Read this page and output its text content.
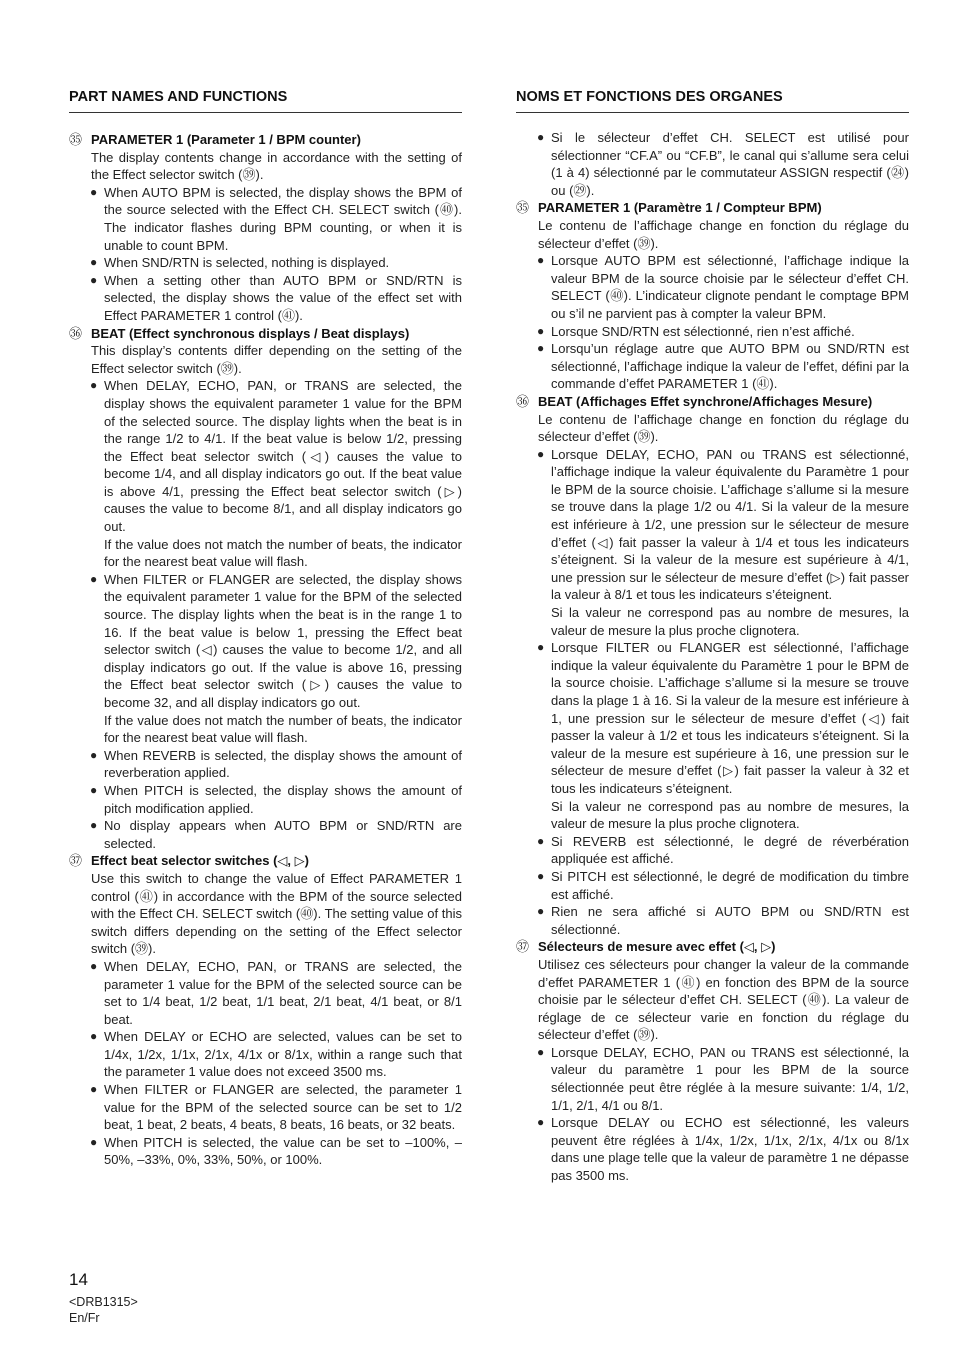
PART NAMES AND FUNCTIONS
㉟ PARAMETER 1 (Parameter 1 / BPM counter)

The display contents change in accordance with the setting of the Effect selector switch (㊴).

● When AUTO BPM is selected, the display shows the BPM of the source selected with the Effect CH. SELECT switch (㊵). The indicator flashes during BPM counting, or when it is unable to count BPM.
● When SND/RTN is selected, nothing is displayed.
● When a setting other than AUTO BPM or SND/RTN is selected, the display shows the value of the effect set with Effect PARAMETER 1 control (㊶).
㊱ BEAT (Effect synchronous displays / Beat displays)

This display’s contents differ depending on the setting of the Effect selector switch (㊴).

● When DELAY, ECHO, PAN, or TRANS are selected, the display shows the equivalent parameter 1 value for the BPM of the selected source. The display lights when the beat is in the range 1/2 to 4/1. If the beat value is below 1/2, pressing the Effect beat selector switch (◁) causes the value to become 1/4, and all display indicators go out. If the beat value is above 4/1, pressing the Effect beat selector switch (▷) causes the value to become 8/1, and all display indicators go out.
If the value does not match the number of beats, the indicator for the nearest beat value will flash.
● When FILTER or FLANGER are selected, the display shows the equivalent parameter 1 value for the BPM of the selected source. The display lights when the beat is in the range 1 to 16. If the beat value is below 1, pressing the Effect beat selector switch (◁) causes the value to become 1/2, and all display indicators go out. If the value is above 16, pressing the Effect beat selector switch (▷) causes the value to become 32, and all display indicators go out.
If the value does not match the number of beats, the indicator for the nearest beat value will flash.
● When REVERB is selected, the display shows the amount of reverberation applied.
● When PITCH is selected, the display shows the amount of pitch modification applied.
● No display appears when AUTO BPM or SND/RTN are selected.
㊲ Effect beat selector switches (◁, ▷)

Use this switch to change the value of Effect PARAMETER 1 control (㊶) in accordance with the BPM of the source selected with the Effect CH. SELECT switch (㊵). The setting value of this switch differs depending on the setting of the Effect selector switch (㊴).

● When DELAY, ECHO, PAN, or TRANS are selected, the parameter 1 value for the BPM of the selected source can be set to 1/4 beat, 1/2 beat, 1/1 beat, 2/1 beat, 4/1 beat, or 8/1 beat.
● When DELAY or ECHO are selected, values can be set to 1/4x, 1/2x, 1/1x, 2/1x, 4/1x or 8/1x, within a range such that the parameter 1 value does not exceed 3500 ms.
● When FILTER or FLANGER are selected, the parameter 1 value for the BPM of the selected source can be set to 1/2 beat, 1 beat, 2 beats, 4 beats, 8 beats, 16 beats, or 32 beats.
● When PITCH is selected, the value can be set to –100%, –50%, –33%, 0%, 33%, 50%, or 100%.
NOMS ET FONCTIONS DES ORGANES
● Si le sélecteur d’effet CH. SELECT est utilisé pour sélectionner “CF.A” ou “CF.B”, le canal qui s’allume sera celui (1 à 4) sélectionné par le commutateur ASSIGN respectif (㉔) ou (㉙).
㉟ PARAMETER 1 (Paramètre 1 / Compteur BPM)

Le contenu de l’affichage change en fonction du réglage du sélecteur d’effet (㊴).

● Lorsque AUTO BPM est sélectionné, l’affichage indique la valeur BPM de la source choisie par le sélecteur d’effet CH. SELECT (㊵). L’indicateur clignote pendant le comptage BPM ou s’il ne parvient pas à compter la valeur BPM.
● Lorsque SND/RTN est sélectionné, rien n’est affiché.
● Lorsqu’un réglage autre que AUTO BPM ou SND/RTN est sélectionné, l’affichage indique la valeur de l’effet, défini par la commande d’effet PARAMETER 1 (㊶).
㊱ BEAT (Affichages Effet synchrone/Affichages Mesure)

Le contenu de l’affichage change en fonction du réglage du sélecteur d’effet (㊴).

● Lorsque DELAY, ECHO, PAN ou TRANS est sélectionné, l’affichage indique la valeur équivalente du Paramètre 1 pour le BPM de la source choisie. L’affichage s’allume si la mesure se trouve dans la plage 1/2 ou 4/1. Si la valeur de la mesure est inférieure à 1/2, une pression sur le sélecteur de mesure d’effet (◁) fait passer la valeur à 1/4 et tous les indicateurs s’éteignent. Si la valeur de la mesure est supérieure à 4/1, une pression sur le sélecteur de mesure d’effet (▷) fait passer la valeur à 8/1 et tous les indicateurs s’éteignent.
Si la valeur ne correspond pas au nombre de mesures, la valeur de mesure la plus proche clignotera.
● Lorsque FILTER ou FLANGER est sélectionné, l’affichage indique la valeur équivalente du Paramètre 1 pour le BPM de la source choisie. L’affichage s’allume si la mesure se trouve dans la plage 1 à 16. Si la valeur de la mesure est inférieure à 1, une pression sur le sélecteur de mesure d’effet (◁) fait passer la valeur à 1/2 et tous les indicateurs s’éteignent. Si la valeur de la mesure est supérieure à 16, une pression sur le sélecteur de mesure d’effet (▷) fait passer la valeur à 32 et tous les indicateurs s’éteignent.
Si la valeur ne correspond pas au nombre de mesures, la valeur de mesure la plus proche clignotera.
● Si REVERB est sélectionné, le degré de réverbération appliquée est affiché.
● Si PITCH est sélectionné, le degré de modification du timbre est affiché.
● Rien ne sera affiché si AUTO BPM ou SND/RTN est sélectionné.
㊲ Sélecteurs de mesure avec effet (◁, ▷)

Utilisez ces sélecteurs pour changer la valeur de la commande d’effet PARAMETER 1 (㊶) en fonction des BPM de la source choisie par le sélecteur d’effet CH. SELECT (㊵). La valeur de réglage de ce sélecteur varie en fonction du réglage du sélecteur d’effet (㊴).

● Lorsque DELAY, ECHO, PAN ou TRANS est sélectionné, la valeur du paramètre 1 pour les BPM de la source sélectionnée peut être réglée à la mesure suivante: 1/4, 1/2, 1/1, 2/1, 4/1 ou 8/1.
● Lorsque DELAY ou ECHO est sélectionné, les valeurs peuvent être réglées à 1/4x, 1/2x, 1/1x, 2/1x, 4/1x ou 8/1x dans une plage telle que la valeur de paramètre 1 ne dépasse pas 3500 ms.
14
<DRB1315>
En/Fr
